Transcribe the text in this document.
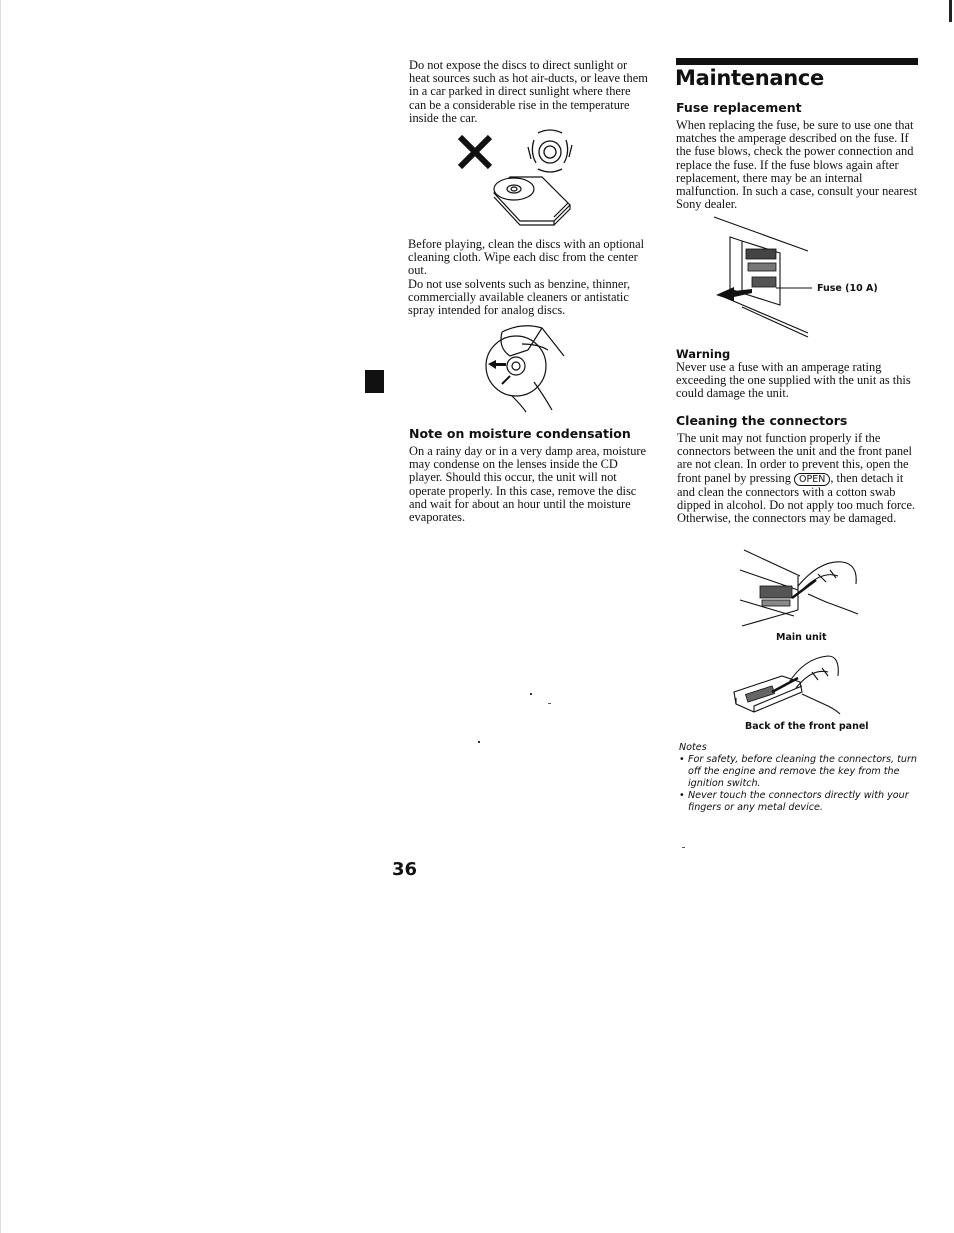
Do not expose the discs to direct sunlight or heat sources such as hot air-ducts, or leave them in a car parked in direct sunlight where there can be a considerable rise in the temperature inside the car.

Before playing, clean the discs with an optional cleaning cloth. Wipe each disc from the center out.

Do not use solvents such as benzine, thinner, commercially available cleaners or antistatic spray intended for analog discs.

Note on moisture condensation

On a rainy day or in a very damp area, moisture may condense on the lenses inside the CD player. Should this occur, the unit will not operate properly. In this case, remove the disc and wait for about an hour until the moisture evaporates.

Maintenance
Fuse replacement

When replacing the fuse, be sure to use one that matches the amperage described on the fuse. If the fuse blows, check the power connection and replace the fuse. If the fuse blows again after replacement, there may be an internal malfunction. In such a case, consult your nearest Sony dealer.

Fuse (10 A)
Warning

Never use a fuse with an amperage rating exceeding the one supplied with the unit as this could damage the unit.

Cleaning the connectors

The unit may not function properly if the connectors between the unit and the front panel are not clean. In order to prevent this, open the front panel by pressing OPEN , then detach it and clean the connectors with a cotton swab dipped in alcohol. Do not apply too much force. Otherwise, the connectors may be damaged.

Main unit
Back of the front panel
Notes
• For safety, before cleaning the connectors, turn off the engine and remove the key from the ignition switch.
• Never touch the connectors directly with your fingers or any metal device.
36
